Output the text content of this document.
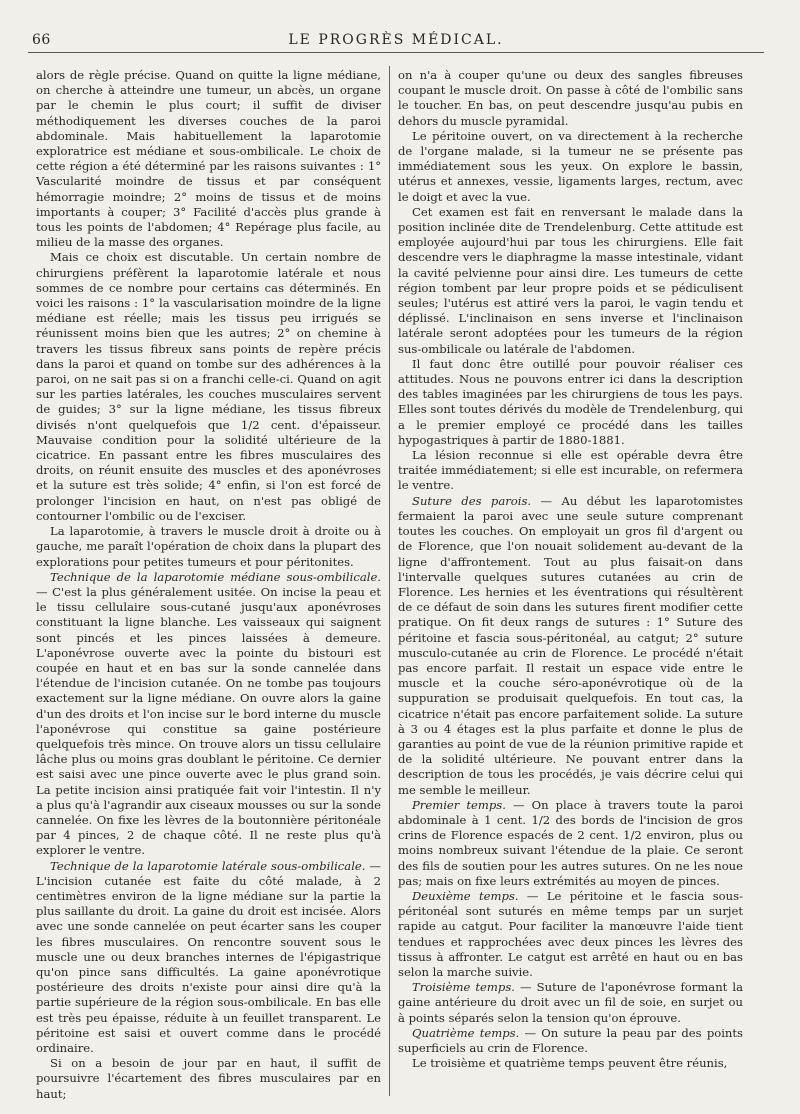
66	LE PROGRÈS MÉDICAL.

alors de règle précise. Quand on quitte la ligne médiane, on cherche à atteindre une tumeur, un abcès, un organe par le chemin le plus court; il suffit de diviser méthodiquement les diverses couches de la paroi abdominale. Mais habituellement la laparotomie exploratrice est médiane et sous-ombilicale. Le choix de cette région a été déterminé par les raisons suivantes : 1° Vascularité moindre de tissus et par conséquent hémorragie moindre; 2° moins de tissus et de moins importants à couper; 3° Facilité d'accès plus grande à tous les points de l'abdomen; 4° Repérage plus facile, au milieu de la masse des organes.

Mais ce choix est discutable. Un certain nombre de chirurgiens préfèrent la laparotomie latérale et nous sommes de ce nombre pour certains cas déterminés. En voici les raisons : 1° la vascularisation moindre de la ligne médiane est réelle; mais les tissus peu irrigués se réunissent moins bien que les autres; 2° on chemine à travers les tissus fibreux sans points de repère précis dans la paroi et quand on tombe sur des adhérences à la paroi, on ne sait pas si on a franchi celle-ci. Quand on agit sur les parties latérales, les couches musculaires servent de guides; 3° sur la ligne médiane, les tissus fibreux divisés n'ont quelquefois que 1/2 cent. d'épaisseur. Mauvaise condition pour la solidité ultérieure de la cicatrice. En passant entre les fibres musculaires des droits, on réunit ensuite des muscles et des aponévroses et la suture est très solide; 4° enfin, si l'on est forcé de prolonger l'incision en haut, on n'est pas obligé de contourner l'ombilic ou de l'exciser.

La laparotomie, à travers le muscle droit à droite ou à gauche, me paraît l'opération de choix dans la plupart des explorations pour petites tumeurs et pour péritonites.

Technique de la laparotomie médiane sous-ombilicale. — C'est la plus généralement usitée. On incise la peau et le tissu cellulaire sous-cutané jusqu'aux aponévroses constituant la ligne blanche. Les vaisseaux qui saignent sont pincés et les pinces laissées à demeure. L'aponévrose ouverte avec la pointe du bistouri est coupée en haut et en bas sur la sonde cannelée dans l'étendue de l'incision cutanée. On ne tombe pas toujours exactement sur la ligne médiane. On ouvre alors la gaine d'un des droits et l'on incise sur le bord interne du muscle l'aponévrose qui constitue sa gaine postérieure quelquefois très mince. On trouve alors un tissu cellulaire lâche plus ou moins gras doublant le péritoine. Ce dernier est saisi avec une pince ouverte avec le plus grand soin. La petite incision ainsi pratiquée fait voir l'intestin. Il n'y a plus qu'à l'agrandir aux ciseaux mousses ou sur la sonde cannelée. On fixe les lèvres de la boutonnière péritonéale par 4 pinces, 2 de chaque côté. Il ne reste plus qu'à explorer le ventre.

Technique de la laparotomie latérale sous-ombilicale. — L'incision cutanée est faite du côté malade, à 2 centimètres environ de la ligne médiane sur la partie la plus saillante du droit. La gaine du droit est incisée. Alors avec une sonde cannelée on peut écarter sans les couper les fibres musculaires. On rencontre souvent sous le muscle une ou deux branches internes de l'épigastrique qu'on pince sans difficultés. La gaine aponévrotique postérieure des droits n'existe pour ainsi dire qu'à la partie supérieure de la région sous-ombilicale. En bas elle est très peu épaisse, réduite à un feuillet transparent. Le péritoine est saisi et ouvert comme dans le procédé ordinaire.

Si on a besoin de jour par en haut, il suffit de poursuivre l'écartement des fibres musculaires par en haut;

on n'a à couper qu'une ou deux des sangles fibreuses coupant le muscle droit. On passe à côté de l'ombilic sans le toucher. En bas, on peut descendre jusqu'au pubis en dehors du muscle pyramidal.

Le péritoine ouvert, on va directement à la recherche de l'organe malade, si la tumeur ne se présente pas immédiatement sous les yeux. On explore le bassin, utérus et annexes, vessie, ligaments larges, rectum, avec le doigt et avec la vue.

Cet examen est fait en renversant le malade dans la position inclinée dite de Trendelenburg. Cette attitude est employée aujourd'hui par tous les chirurgiens. Elle fait descendre vers le diaphragme la masse intestinale, vidant la cavité pelvienne pour ainsi dire. Les tumeurs de cette région tombent par leur propre poids et se pédiculisent seules; l'utérus est attiré vers la paroi, le vagin tendu et déplissé. L'inclinaison en sens inverse et l'inclinaison latérale seront adoptées pour les tumeurs de la région sus-ombilicale ou latérale de l'abdomen.

Il faut donc être outillé pour pouvoir réaliser ces attitudes. Nous ne pouvons entrer ici dans la description des tables imaginées par les chirurgiens de tous les pays. Elles sont toutes dérivés du modèle de Trendelenburg, qui a le premier employé ce procédé dans les tailles hypogastriques à partir de 1880-1881.

La lésion reconnue si elle est opérable devra être traitée immédiatement; si elle est incurable, on refermera le ventre.

Suture des parois. — Au début les laparotomistes fermaient la paroi avec une seule suture comprenant toutes les couches. On employait un gros fil d'argent ou de Florence, que l'on nouait solidement au-devant de la ligne d'affrontement. Tout au plus faisait-on dans l'intervalle quelques sutures cutanées au crin de Florence. Les hernies et les éventrations qui résultèrent de ce défaut de soin dans les sutures firent modifier cette pratique. On fit deux rangs de sutures : 1° Suture des péritoine et fascia sous-péritonéal, au catgut; 2° suture musculo-cutanée au crin de Florence. Le procédé n'était pas encore parfait. Il restait un espace vide entre le muscle et la couche séro-aponévrotique où de la suppuration se produisait quelquefois. En tout cas, la cicatrice n'était pas encore parfaitement solide. La suture à 3 ou 4 étages est la plus parfaite et donne le plus de garanties au point de vue de la réunion primitive rapide et de la solidité ultérieure. Ne pouvant entrer dans la description de tous les procédés, je vais décrire celui qui me semble le meilleur.

Premier temps. — On place à travers toute la paroi abdominale à 1 cent. 1/2 des bords de l'incision de gros crins de Florence espacés de 2 cent. 1/2 environ, plus ou moins nombreux suivant l'étendue de la plaie. Ce seront des fils de soutien pour les autres sutures. On ne les noue pas; mais on fixe leurs extrémités au moyen de pinces.

Deuxième temps. — Le péritoine et le fascia sous-péritonéal sont suturés en même temps par un surjet rapide au catgut. Pour faciliter la manœuvre l'aide tient tendues et rapprochées avec deux pinces les lèvres des tissus à affronter. Le catgut est arrêté en haut ou en bas selon la marche suivie.

Troisième temps. — Suture de l'aponévrose formant la gaine antérieure du droit avec un fil de soie, en surjet ou à points séparés selon la tension qu'on éprouve.

Quatrième temps. — On suture la peau par des points superficiels au crin de Florence.

Le troisième et quatrième temps peuvent être réunis,
